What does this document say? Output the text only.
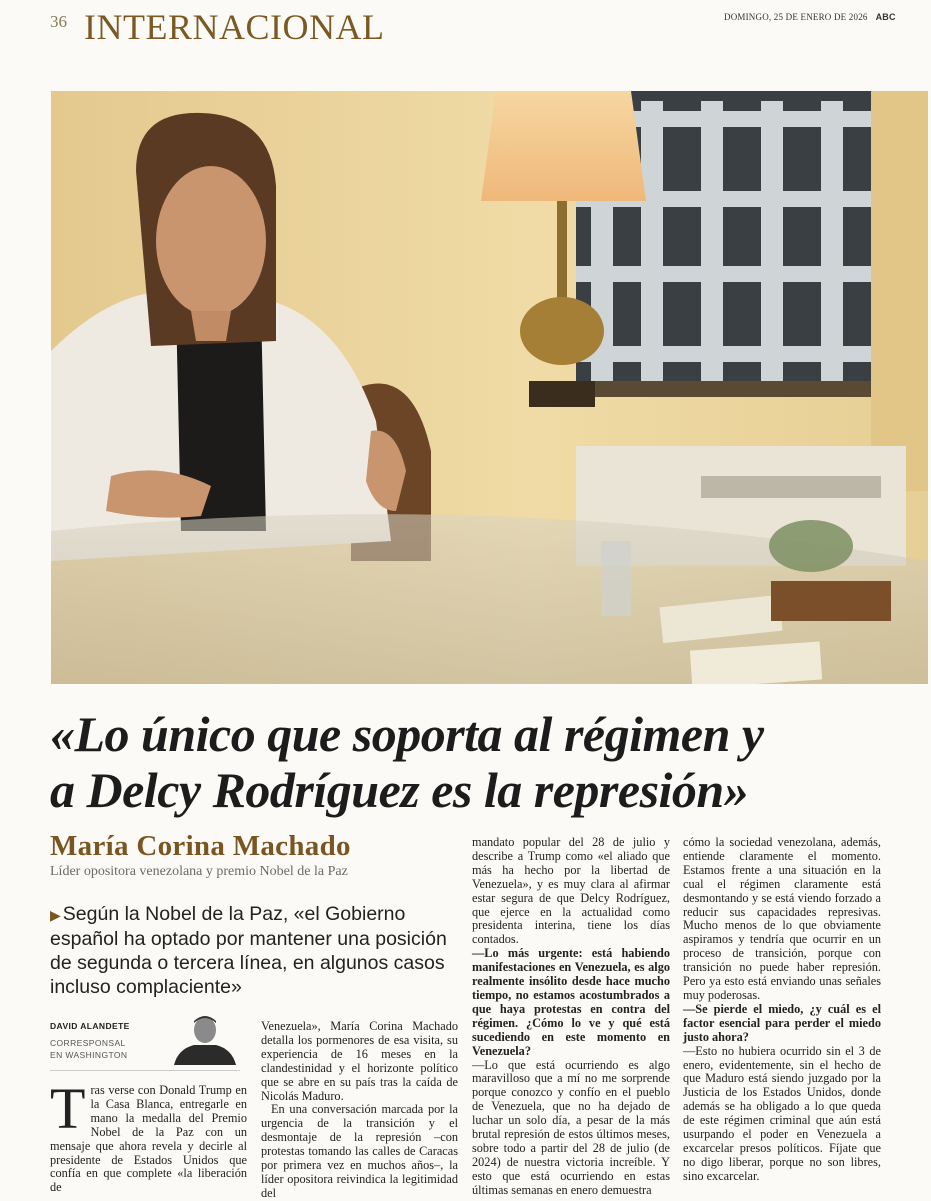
36 INTERNACIONAL	DOMINGO, 25 DE ENERO DE 2026 ABC
«Lo único que soporta al régimen y
a Delcy Rodríguez es la represión»
María Corina Machado
Líder opositora venezolana y premio Nobel de la Paz
▶ Según la Nobel de la Paz, «el Gobierno español ha optado por mantener una posición de segunda o tercera línea, en algunos casos incluso complaciente»
DAVID ALANDETE
CORRESPONSAL
EN WASHINGTON

Tras verse con Donald Trump en la Casa Blanca, entregarle en mano la medalla del Premio Nobel de la Paz con un mensaje que ahora revela y decirle al presidente de Estados Unidos que confía en que complete «la liberación de

Venezuela», María Corina Machado detalla los pormenores de esa visita, su experiencia de 16 meses en la clandestinidad y el horizonte político que se abre en su país tras la caída de Nicolás Maduro.

En una conversación marcada por la urgencia de la transición y el desmontaje de la represión –con protestas tomando las calles de Caracas por primera vez en muchos años–, la líder opositora reivindica la legitimidad del

mandato popular del 28 de julio y describe a Trump como «el aliado que más ha hecho por la libertad de Venezuela», y es muy clara al afirmar estar segura de que Delcy Rodríguez, que ejerce en la actualidad como presidenta interina, tiene los días contados.

—Lo más urgente: está habiendo manifestaciones en Venezuela, es algo realmente insólito desde hace mucho tiempo, no estamos acostumbrados a que haya protestas en contra del régimen. ¿Cómo lo ve y qué está sucediendo en este momento en Venezuela?

—Lo que está ocurriendo es algo maravilloso que a mí no me sorprende porque conozco y confío en el pueblo de Venezuela, que no ha dejado de luchar un solo día, a pesar de la más brutal represión de estos últimos meses, sobre todo a partir del 28 de julio (de 2024) de nuestra victoria increíble. Y esto que está ocurriendo en estas últimas semanas en enero demuestra

cómo la sociedad venezolana, además, entiende claramente el momento. Estamos frente a una situación en la cual el régimen claramente está desmontando y se está viendo forzado a reducir sus capacidades represivas. Mucho menos de lo que obviamente aspiramos y tendría que ocurrir en un proceso de transición, porque con transición no puede haber represión. Pero ya esto está enviando unas señales muy poderosas.

—Se pierde el miedo, ¿y cuál es el factor esencial para perder el miedo justo ahora?

—Esto no hubiera ocurrido sin el 3 de enero, evidentemente, sin el hecho de que Maduro está siendo juzgado por la Justicia de los Estados Unidos, donde además se ha obligado a lo que queda de este régimen criminal que aún está usurpando el poder en Venezuela a excarcelar presos políticos. Fíjate que no digo liberar, porque no son libres, sino excarcelar.
